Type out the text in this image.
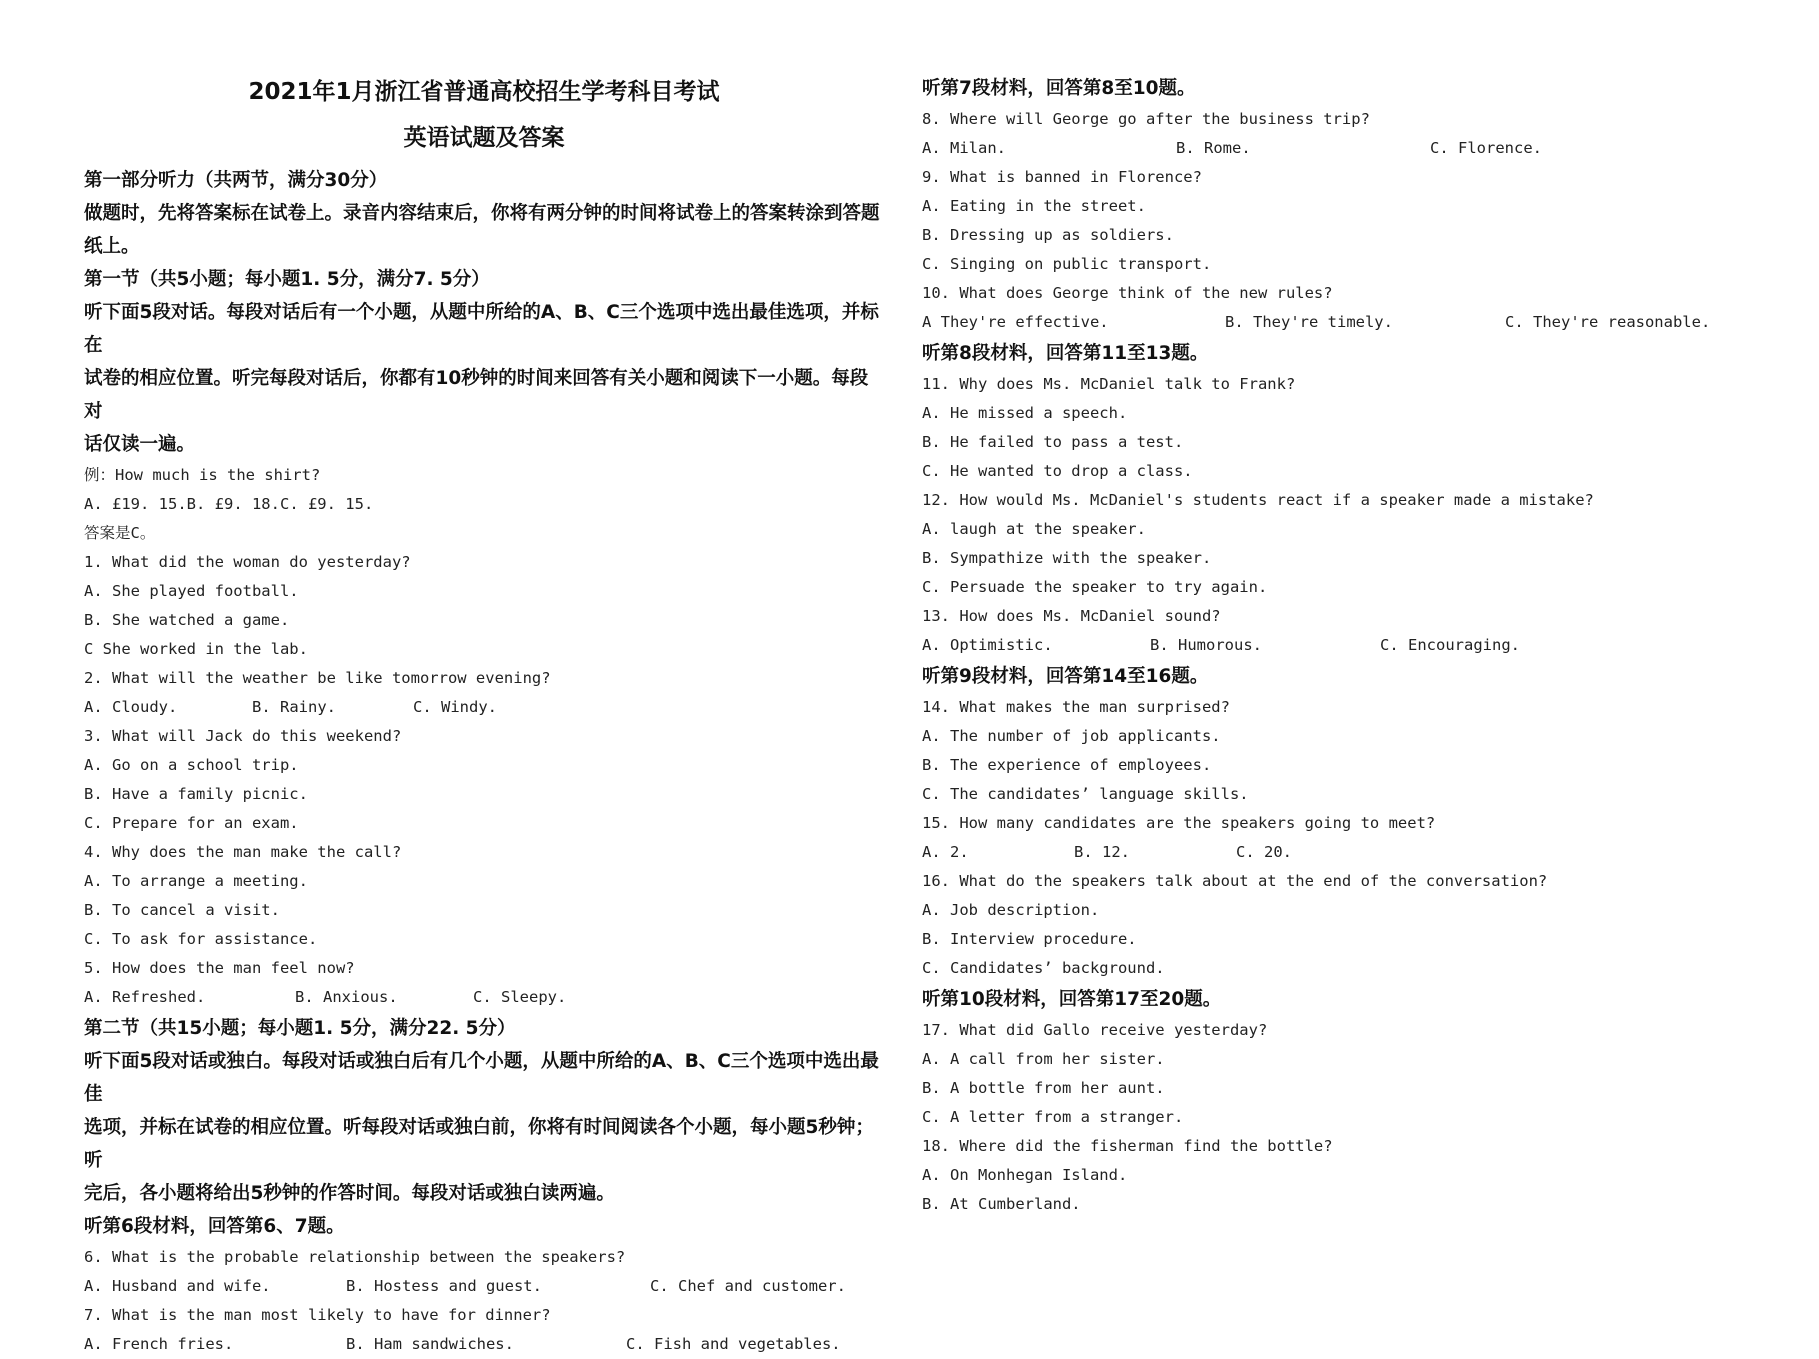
2021年1月浙江省普通高校招生学考科目考试
英语试题及答案
第一部分听力（共两节，满分30分）
做题时，先将答案标在试卷上。录音内容结束后，你将有两分钟的时间将试卷上的答案转涂到答题
纸上。
第一节（共5小题；每小题1. 5分，满分7. 5分）
听下面5段对话。每段对话后有一个小题，从题中所给的A、B、C三个选项中选出最佳选项，并标在
试卷的相应位置。听完每段对话后，你都有10秒钟的时间来回答有关小题和阅读下一小题。每段对
话仅读一遍。
例：How much is the shirt?
A. £19. 15.B. £9. 18.C. £9. 15.
答案是C。
1. What did the woman do yesterday?
A. She played football.
B. She watched a game.
C She worked in the lab.
2. What will the weather be like tomorrow evening?
A. Cloudy.	B. Rainy.	C. Windy.
3. What will Jack do this weekend?
A. Go on a school trip.
B. Have a family picnic.
C. Prepare for an exam.
4. Why does the man make the call?
A. To arrange a meeting.
B. To cancel a visit.
C. To ask for assistance.
5. How does the man feel now?
A. Refreshed.	B. Anxious.	C. Sleepy.
第二节（共15小题；每小题1. 5分，满分22. 5分）
听下面5段对话或独白。每段对话或独白后有几个小题，从题中所给的A、B、C三个选项中选出最佳
选项，并标在试卷的相应位置。听每段对话或独白前，你将有时间阅读各个小题，每小题5秒钟；听
完后，各小题将给出5秒钟的作答时间。每段对话或独白读两遍。
听第6段材料，回答第6、7题。
6. What is the probable relationship between the speakers?
A. Husband and wife.	B. Hostess and guest.	C. Chef and customer.
7. What is the man most likely to have for dinner?
A. French fries.	B. Ham sandwiches.	C. Fish and vegetables.
听第7段材料，回答第8至10题。
8. Where will George go after the business trip?
A. Milan.	B. Rome.	C. Florence.
9. What is banned in Florence?
A. Eating in the street.
B. Dressing up as soldiers.
C. Singing on public transport.
10. What does George think of the new rules?
A They're effective.	B. They're timely.	C. They're reasonable.
听第8段材料，回答第11至13题。
11. Why does Ms. McDaniel talk to Frank?
A. He missed a speech.
B. He failed to pass a test.
C. He wanted to drop a class.
12. How would Ms. McDaniel's students react if a speaker made a mistake?
A. laugh at the speaker.
B. Sympathize with the speaker.
C. Persuade the speaker to try again.
13. How does Ms. McDaniel sound?
A. Optimistic.	B. Humorous.	C. Encouraging.
听第9段材料，回答第14至16题。
14. What makes the man surprised?
A. The number of job applicants.
B. The experience of employees.
C. The candidates’ language skills.
15. How many candidates are the speakers going to meet?
A. 2.	B. 12.	C. 20.
16. What do the speakers talk about at the end of the conversation?
A. Job description.
B. Interview procedure.
C. Candidates’ background.
听第10段材料，回答第17至20题。
17. What did Gallo receive yesterday?
A. A call from her sister.
B. A bottle from her aunt.
C. A letter from a stranger.
18. Where did the fisherman find the bottle?
A. On Monhegan Island.
B. At Cumberland.
